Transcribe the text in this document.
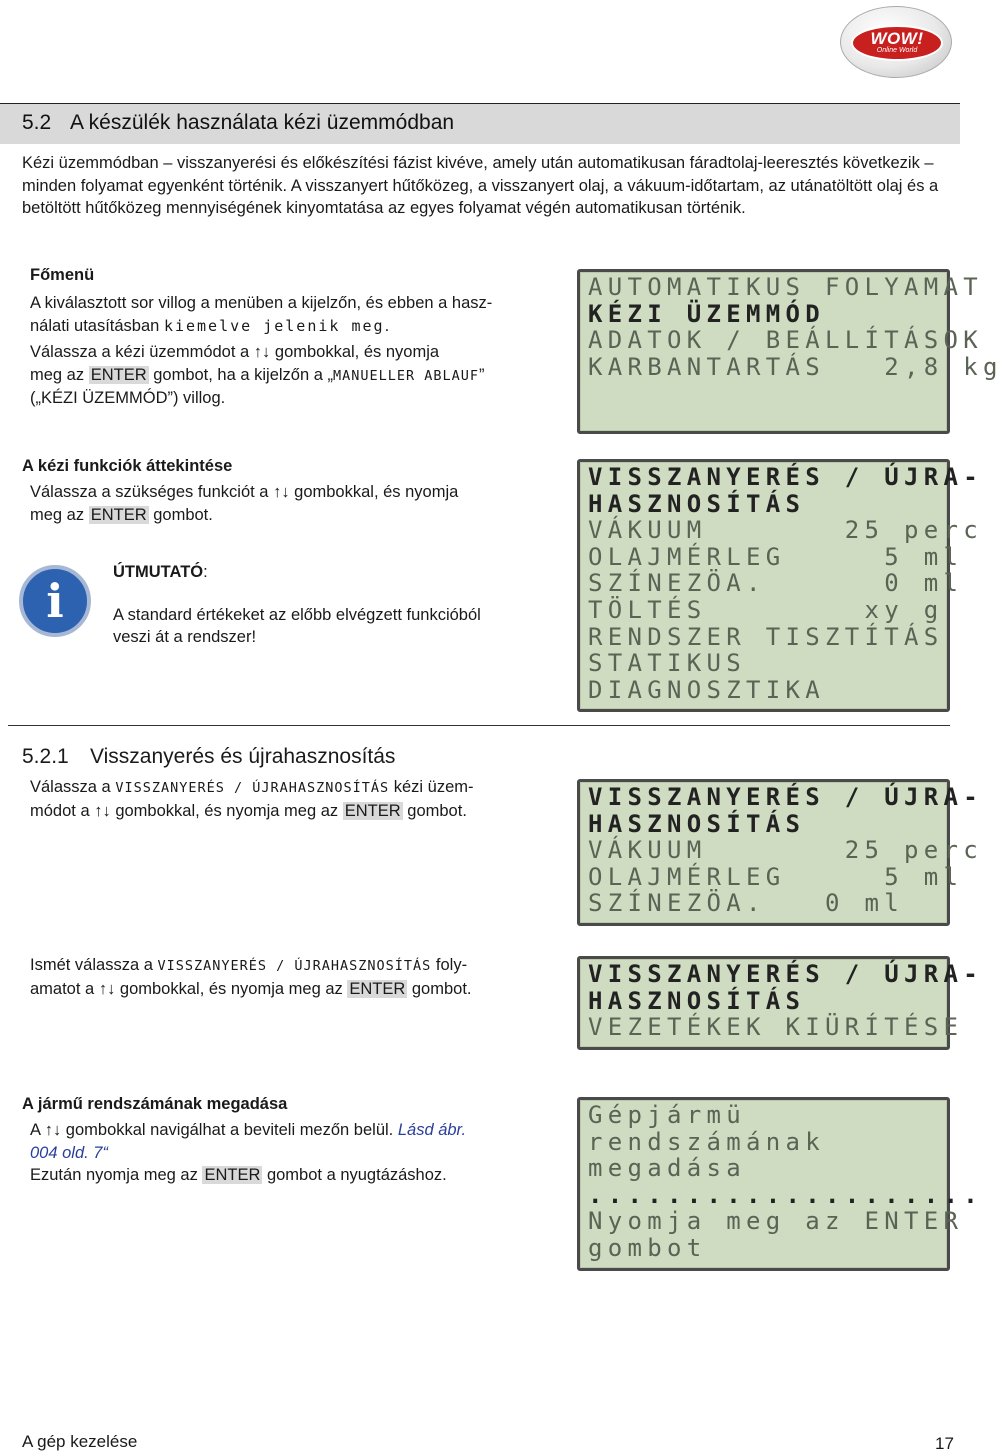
WOW!
Online World
5.2 A készülék használata kézi üzemmódban

Kézi üzemmódban – visszanyerési és előkészítési fázist kivéve, amely után automatikusan fáradtolaj-leeresztés következik – minden folyamat egyenként történik. A visszanyert hűtőközeg, a visszanyert olaj, a vákuum-időtartam, az utánatöltött olaj és a betöltött hűtőközeg mennyiségének kinyomtatása az egyes folyamat végén automatikusan történik.

Főmenü
A kiválasztott sor villog a menüben a kijelzőn, és ebben a hasz-
nálati utasításban kiemelve jelenik meg.
Válassza a kézi üzemmódot a ↑↓ gombokkal, és nyomja
meg az ENTER gombot, ha a kijelzőn a „MANUELLER ABLAUF”
(„KÉZI ÜZEMMÓD”) villog.
AUTOMATIKUS FOLYAMAT
KÉZI ÜZEMMÓD
ADATOK / BEÁLLÍTÁSOK
KARBANTARTÁS   2,8 kg
A kézi funkciók áttekintése
Válassza a szükséges funkciót a ↑↓ gombokkal, és nyomja
meg az ENTER gombot.
i
ÚTMUTATÓ:
A standard értékeket az előbb elvégzett funkcióból
veszi át a rendszer!
VISSZANYERÉS / ÚJRA-
HASZNOSÍTÁS
VÁKUUM       25 perc
OLAJMÉRLEG     5 ml
SZÍNEZÖA.      0 ml
TÖLTÉS        xy g
RENDSZER TISZTÍTÁS
STATIKUS
DIAGNOSZTIKA
5.2.1 Visszanyerés és újrahasznosítás
Válassza a VISSZANYERÉS / ÚJRAHASZNOSÍTÁS kézi üzem-
módot a ↑↓ gombokkal, és nyomja meg az ENTER gombot.	VISSZANYERÉS / ÚJRA-
HASZNOSÍTÁS
VÁKUUM       25 perc
OLAJMÉRLEG     5 ml
SZÍNEZÖA.   0 ml
Ismét válassza a VISSZANYERÉS / ÚJRAHASZNOSÍTÁS foly-
amatot a ↑↓ gombokkal, és nyomja meg az ENTER gombot.
VISSZANYERÉS / ÚJRA-
HASZNOSÍTÁS
VEZETÉKEK KIÜRÍTÉSE
A jármű rendszámának megadása
A ↑↓ gombokkal navigálhat a beviteli mezőn belül. Lásd ábr.
004 old. 7“
Ezután nyomja meg az ENTER gombot a nyugtázáshoz.
Gépjármü
rendszámának
megadása
....................
Nyomja meg az ENTER
gombot
A gép kezelése	17
